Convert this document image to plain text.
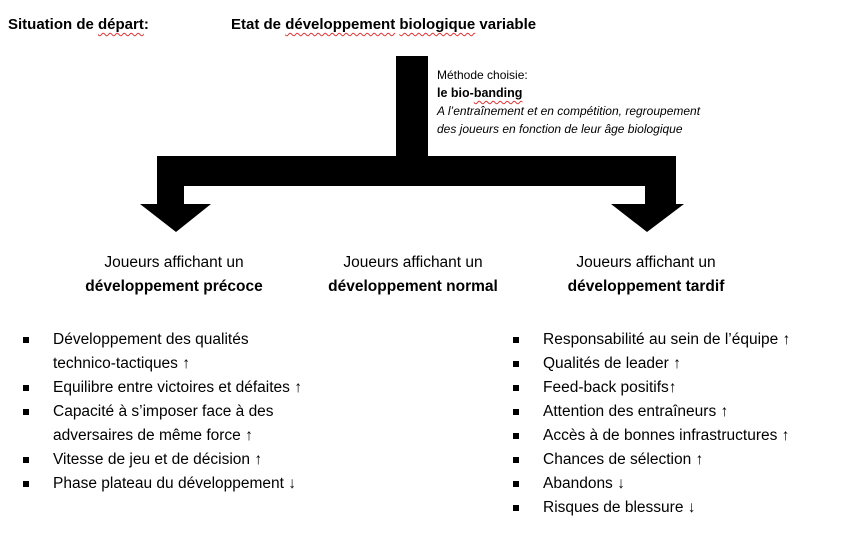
Situation de départ:	Etat de développement biologique variable
Méthode choisie:
le bio-banding
A l’entraînement et en compétition, regroupement
des joueurs en fonction de leur âge biologique
Joueurs affichant un
développement précoce
Joueurs affichant un
développement normal
Joueurs affichant un
développement tardif
Développement des qualités
technico-tactiques ↑
Equilibre entre victoires et défaites ↑
Capacité à s’imposer face à des
adversaires de même force ↑
Vitesse de jeu et de décision ↑
Phase plateau du développement ↓
Responsabilité au sein de l’équipe ↑
Qualités de leader ↑
Feed-back positifs↑
Attention des entraîneurs ↑
Accès à de bonnes infrastructures ↑
Chances de sélection ↑
Abandons ↓
Risques de blessure ↓
